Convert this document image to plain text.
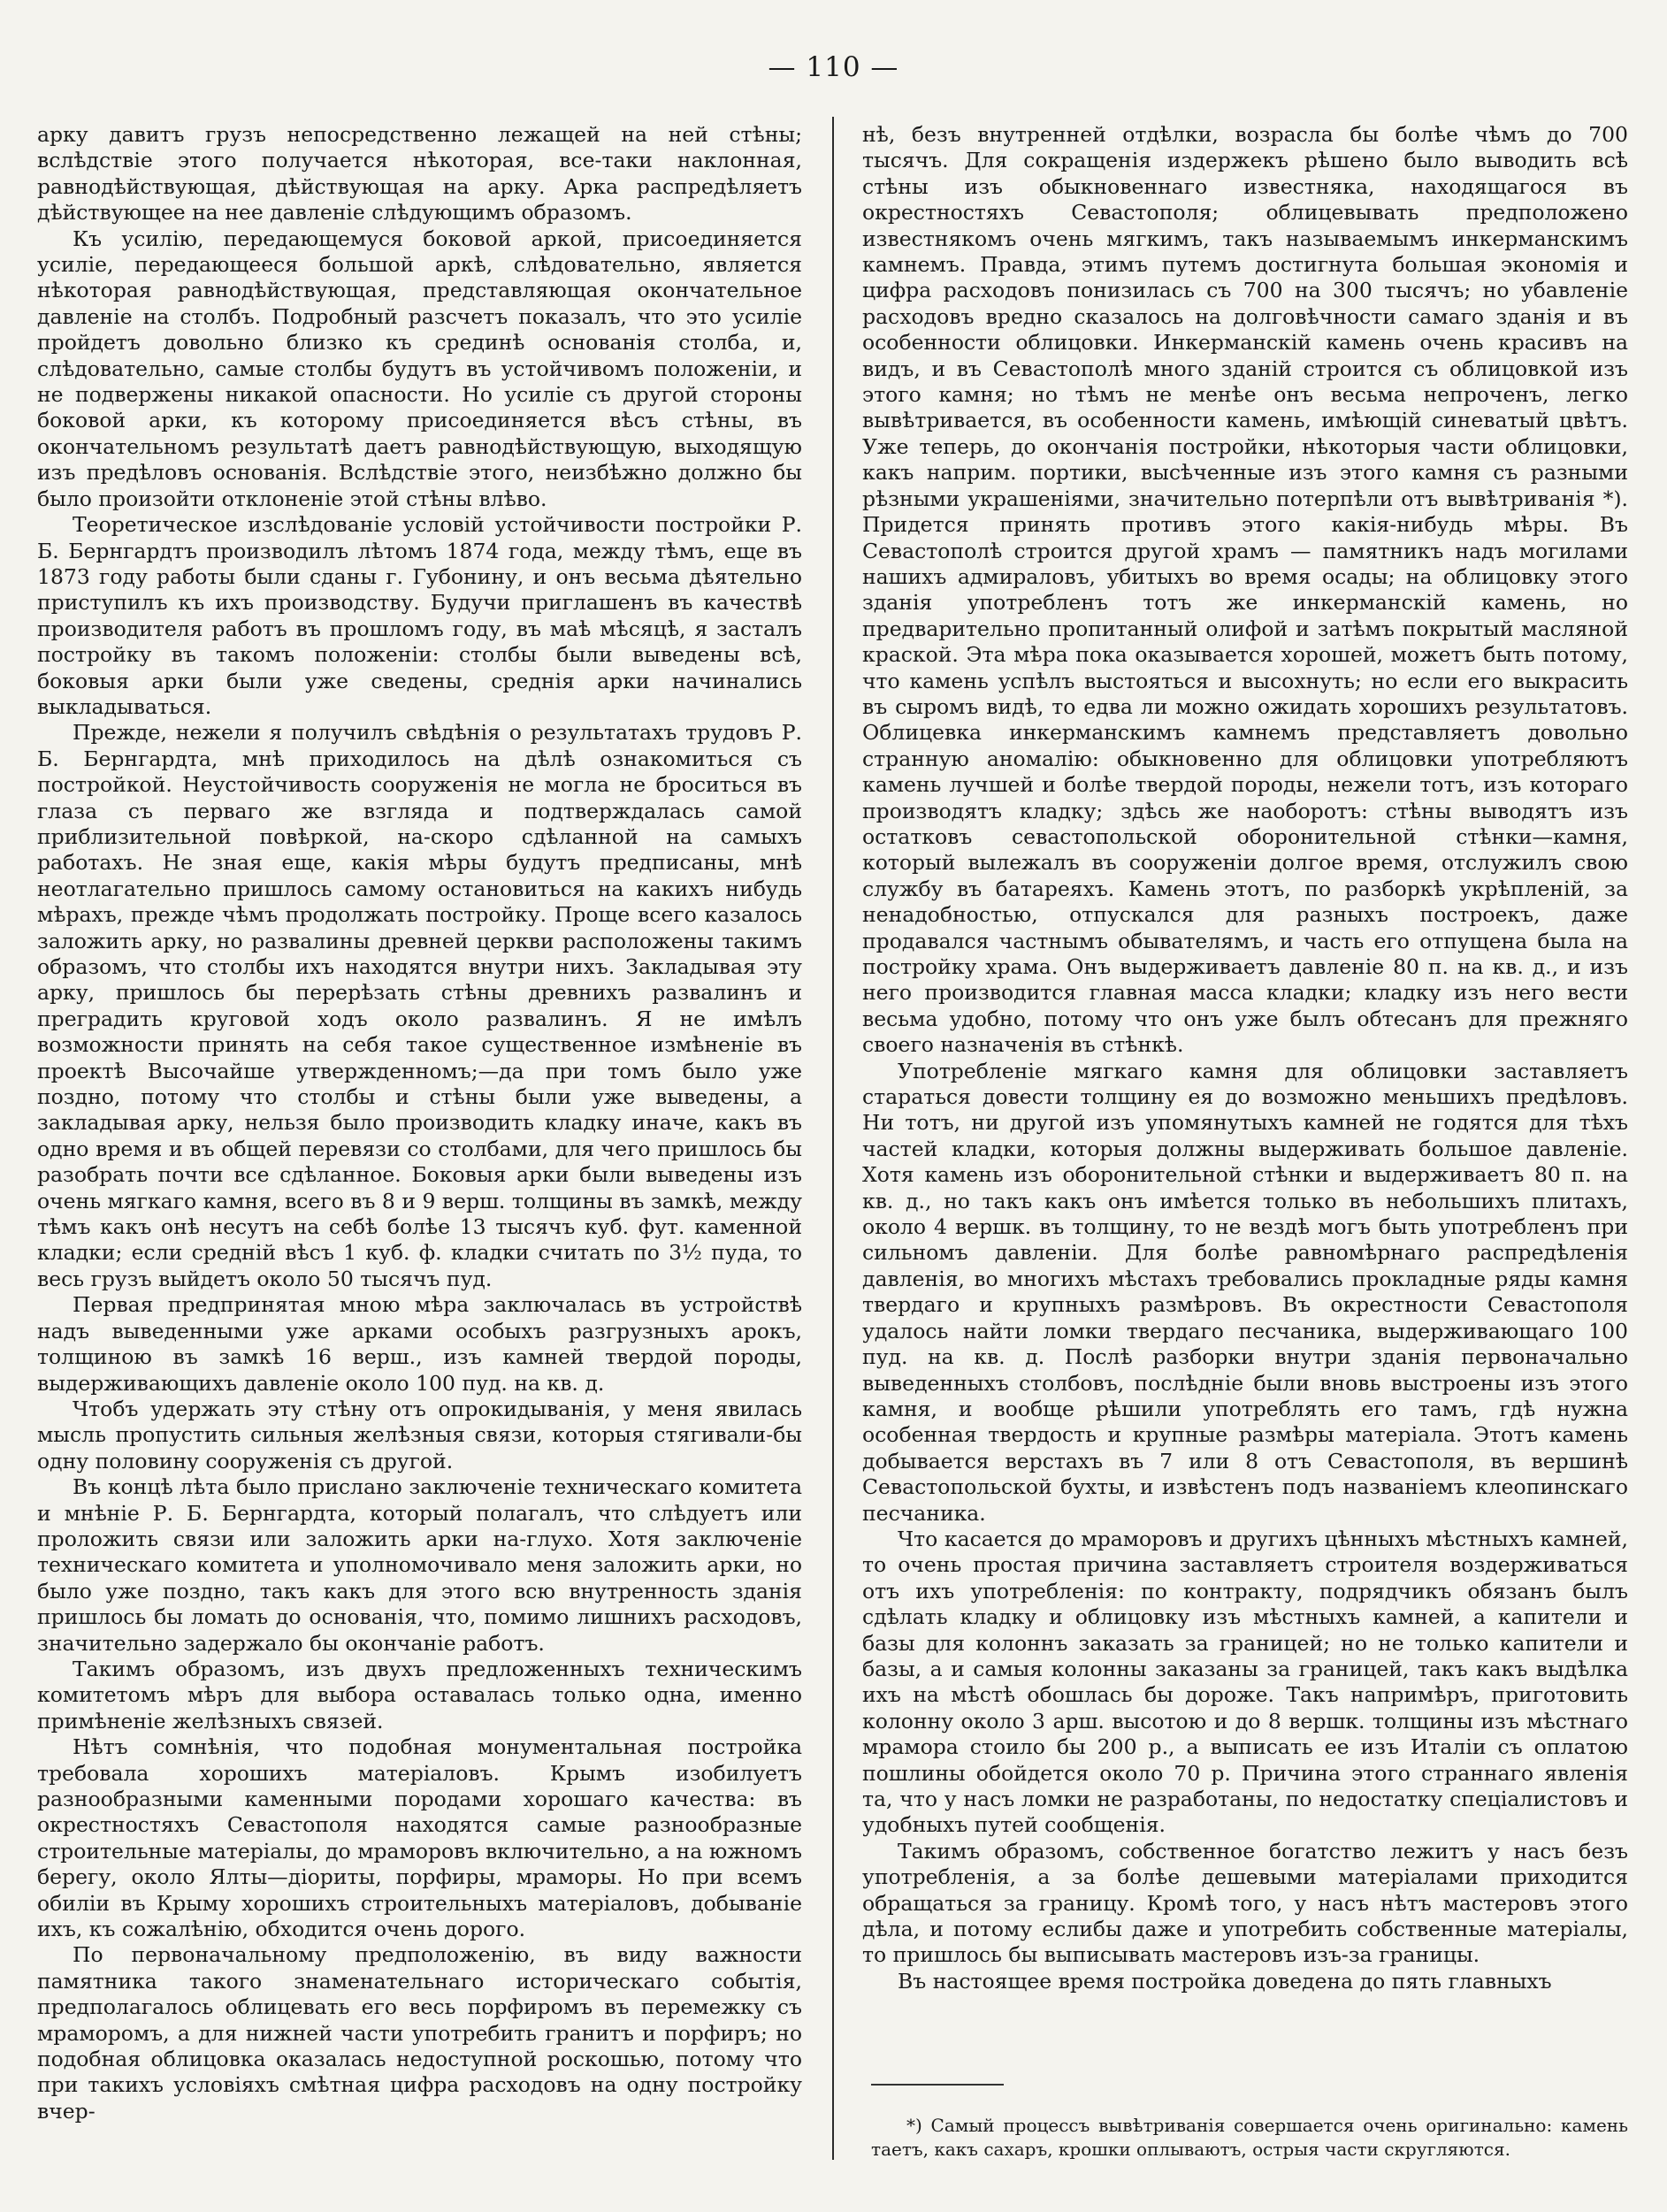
— 110 —

арку давитъ грузъ непосредственно лежащей на ней стѣны; вслѣдствіе этого получается нѣкоторая, все-таки наклонная, равнодѣйствующая, дѣйствующая на арку. Арка распредѣляетъ дѣйствующее на нее давленіе слѣдующимъ образомъ.

Къ усилію, передающемуся боковой аркой, присоединяется усиліе, передающееся большой аркѣ, слѣдовательно, является нѣкоторая равнодѣйствующая, представляющая окончательное давленіе на столбъ. Подробный разсчетъ показалъ, что это усиліе пройдетъ довольно близко къ срединѣ основанія столба, и, слѣдовательно, самые столбы будутъ въ устойчивомъ положеніи, и не подвержены никакой опасности. Но усиліе съ другой стороны боковой арки, къ которому присоединяется вѣсъ стѣны, въ окончательномъ результатѣ даетъ равнодѣйствующую, выходящую изъ предѣловъ основанія. Вслѣдствіе этого, неизбѣжно должно бы было произойти отклоненіе этой стѣны влѣво.

Теоретическое изслѣдованіе условій устойчивости постройки Р. Б. Бернгардтъ производилъ лѣтомъ 1874 года, между тѣмъ, еще въ 1873 году работы были сданы г. Губонину, и онъ весьма дѣятельно приступилъ къ ихъ производству. Будучи приглашенъ въ качествѣ производителя работъ въ прошломъ году, въ маѣ мѣсяцѣ, я засталъ постройку въ такомъ положеніи: столбы были выведены всѣ, боковыя арки были уже сведены, среднія арки начинались выкладываться.

Прежде, нежели я получилъ свѣдѣнія о результатахъ трудовъ Р. Б. Бернгардта, мнѣ приходилось на дѣлѣ ознакомиться съ постройкой. Неустойчивость сооруженія не могла не броситься въ глаза съ перваго же взгляда и подтверждалась самой приблизительной повѣркой, на-скоро сдѣланной на самыхъ работахъ. Не зная еще, какія мѣры будутъ предписаны, мнѣ неотлагательно пришлось самому остановиться на какихъ нибудь мѣрахъ, прежде чѣмъ продолжать постройку. Проще всего казалось заложить арку, но развалины древней церкви расположены такимъ образомъ, что столбы ихъ находятся внутри нихъ. Закладывая эту арку, пришлось бы перерѣзать стѣны древнихъ развалинъ и преградить круговой ходъ около развалинъ. Я не имѣлъ возможности принять на себя такое существенное измѣненіе въ проектѣ Высочайше утвержденномъ;—да при томъ было уже поздно, потому что столбы и стѣны были уже выведены, а закладывая арку, нельзя было производить кладку иначе, какъ въ одно время и въ общей перевязи со столбами, для чего пришлось бы разобрать почти все сдѣланное. Боковыя арки были выведены изъ очень мягкаго камня, всего въ 8 и 9 верш. толщины въ замкѣ, между тѣмъ какъ онѣ несутъ на себѣ болѣе 13 тысячъ куб. фут. каменной кладки; если средній вѣсъ 1 куб. ф. кладки считать по 3½ пуда, то весь грузъ выйдетъ около 50 тысячъ пуд.

Первая предпринятая мною мѣра заключалась въ устройствѣ надъ выведенными уже арками особыхъ разгрузныхъ арокъ, толщиною въ замкѣ 16 верш., изъ камней твердой породы, выдерживающихъ давленіе около 100 пуд. на кв. д.

Чтобъ удержать эту стѣну отъ опрокидыванія, у меня явилась мысль пропустить сильныя желѣзныя связи, которыя стягивали-бы одну половину сооруженія съ другой.

Въ концѣ лѣта было прислано заключеніе техническаго комитета и мнѣніе Р. Б. Бернгардта, который полагалъ, что слѣдуетъ или проложить связи или заложить арки на-глухо. Хотя заключеніе техническаго комитета и уполномочивало меня заложить арки, но было уже поздно, такъ какъ для этого всю внутренность зданія пришлось бы ломать до основанія, что, помимо лишнихъ расходовъ, значительно задержало бы окончаніе работъ.

Такимъ образомъ, изъ двухъ предложенныхъ техническимъ комитетомъ мѣръ для выбора оставалась только одна, именно примѣненіе желѣзныхъ связей.

Нѣтъ сомнѣнія, что подобная монументальная постройка требовала хорошихъ матеріаловъ. Крымъ изобилуетъ разнообразными каменными породами хорошаго качества: въ окрестностяхъ Севастополя находятся самые разнообразные строительные матеріалы, до мраморовъ включительно, а на южномъ берегу, около Ялты—діориты, порфиры, мраморы. Но при всемъ обиліи въ Крыму хорошихъ строительныхъ матеріаловъ, добываніе ихъ, къ сожалѣнію, обходится очень дорого.

По первоначальному предположенію, въ виду важности памятника такого знаменательнаго историческаго событія, предполагалось облицевать его весь порфиромъ въ перемежку съ мраморомъ, а для нижней части употребить гранитъ и порфиръ; но подобная облицовка оказалась недоступной роскошью, потому что при такихъ условіяхъ смѣтная цифра расходовъ на одну постройку вчер-

нѣ, безъ внутренней отдѣлки, возрасла бы болѣе чѣмъ до 700 тысячъ. Для сокращенія издержекъ рѣшено было выводить всѣ стѣны изъ обыкновеннаго известняка, находящагося въ окрестностяхъ Севастополя; облицевывать предположено известнякомъ очень мягкимъ, такъ называемымъ инкерманскимъ камнемъ. Правда, этимъ путемъ достигнута большая экономія и цифра расходовъ понизилась съ 700 на 300 тысячъ; но убавленіе расходовъ вредно сказалось на долговѣчности самаго зданія и въ особенности облицовки. Инкерманскій камень очень красивъ на видъ, и въ Севастополѣ много зданій строится съ облицовкой изъ этого камня; но тѣмъ не менѣе онъ весьма непроченъ, легко вывѣтривается, въ особенности камень, имѣющій синеватый цвѣтъ. Уже теперь, до окончанія постройки, нѣкоторыя части облицовки, какъ наприм. портики, высѣченные изъ этого камня съ разными рѣзными украшеніями, значительно потерпѣли отъ вывѣтриванія *). Придется принять противъ этого какія-нибудь мѣры. Въ Севастополѣ строится другой храмъ — памятникъ надъ могилами нашихъ адмираловъ, убитыхъ во время осады; на облицовку этого зданія употребленъ тотъ же инкерманскій камень, но предварительно пропитанный олифой и затѣмъ покрытый масляной краской. Эта мѣра пока оказывается хорошей, можетъ быть потому, что камень успѣлъ выстояться и высохнуть; но если его выкрасить въ сыромъ видѣ, то едва ли можно ожидать хорошихъ результатовъ. Облицевка инкерманскимъ камнемъ представляетъ довольно странную аномалію: обыкновенно для облицовки употребляютъ камень лучшей и болѣе твердой породы, нежели тотъ, изъ котораго производятъ кладку; здѣсь же наоборотъ: стѣны выводятъ изъ остатковъ севастопольской оборонительной стѣнки—камня, который вылежалъ въ сооруженіи долгое время, отслужилъ свою службу въ батареяхъ. Камень этотъ, по разборкѣ укрѣпленій, за ненадобностью, отпускался для разныхъ построекъ, даже продавался частнымъ обывателямъ, и часть его отпущена была на постройку храма. Онъ выдерживаетъ давленіе 80 п. на кв. д., и изъ него производится главная масса кладки; кладку изъ него вести весьма удобно, потому что онъ уже былъ обтесанъ для прежняго своего назначенія въ стѣнкѣ.

Употребленіе мягкаго камня для облицовки заставляетъ стараться довести толщину ея до возможно меньшихъ предѣловъ. Ни тотъ, ни другой изъ упомянутыхъ камней не годятся для тѣхъ частей кладки, которыя должны выдерживать большое давленіе. Хотя камень изъ оборонительной стѣнки и выдерживаетъ 80 п. на кв. д., но такъ какъ онъ имѣется только въ небольшихъ плитахъ, около 4 вершк. въ толщину, то не вездѣ могъ быть употребленъ при сильномъ давленіи. Для болѣе равномѣрнаго распредѣленія давленія, во многихъ мѣстахъ требовались прокладные ряды камня твердаго и крупныхъ размѣровъ. Въ окрестности Севастополя удалось найти ломки твердаго песчаника, выдерживающаго 100 пуд. на кв. д. Послѣ разборки внутри зданія первоначально выведенныхъ столбовъ, послѣдніе были вновь выстроены изъ этого камня, и вообще рѣшили употреблять его тамъ, гдѣ нужна особенная твердость и крупные размѣры матеріала. Этотъ камень добывается верстахъ въ 7 или 8 отъ Севастополя, въ вершинѣ Севастопольской бухты, и извѣстенъ подъ названіемъ клеопинскаго песчаника.

Что касается до мраморовъ и другихъ цѣнныхъ мѣстныхъ камней, то очень простая причина заставляетъ строителя воздерживаться отъ ихъ употребленія: по контракту, подрядчикъ обязанъ былъ сдѣлать кладку и облицовку изъ мѣстныхъ камней, а капители и базы для колоннъ заказать за границей; но не только капители и базы, а и самыя колонны заказаны за границей, такъ какъ выдѣлка ихъ на мѣстѣ обошлась бы дороже. Такъ напримѣръ, приготовить колонну около 3 арш. высотою и до 8 вершк. толщины изъ мѣстнаго мрамора стоило бы 200 р., а выписать ее изъ Италіи съ оплатою пошлины обойдется около 70 р. Причина этого страннаго явленія та, что у насъ ломки не разработаны, по недостатку спеціалистовъ и удобныхъ путей сообщенія.

Такимъ образомъ, собственное богатство лежитъ у насъ безъ употребленія, а за болѣе дешевыми матеріалами приходится обращаться за границу. Кромѣ того, у насъ нѣтъ мастеровъ этого дѣла, и потому еслибы даже и употребить собственные матеріалы, то пришлось бы выписывать мастеровъ изъ-за границы.

Въ настоящее время постройка доведена до пять главныхъ

*) Самый процессъ вывѣтриванія совершается очень оригинально: камень таетъ, какъ сахаръ, крошки оплываютъ, острыя части скругляются.
